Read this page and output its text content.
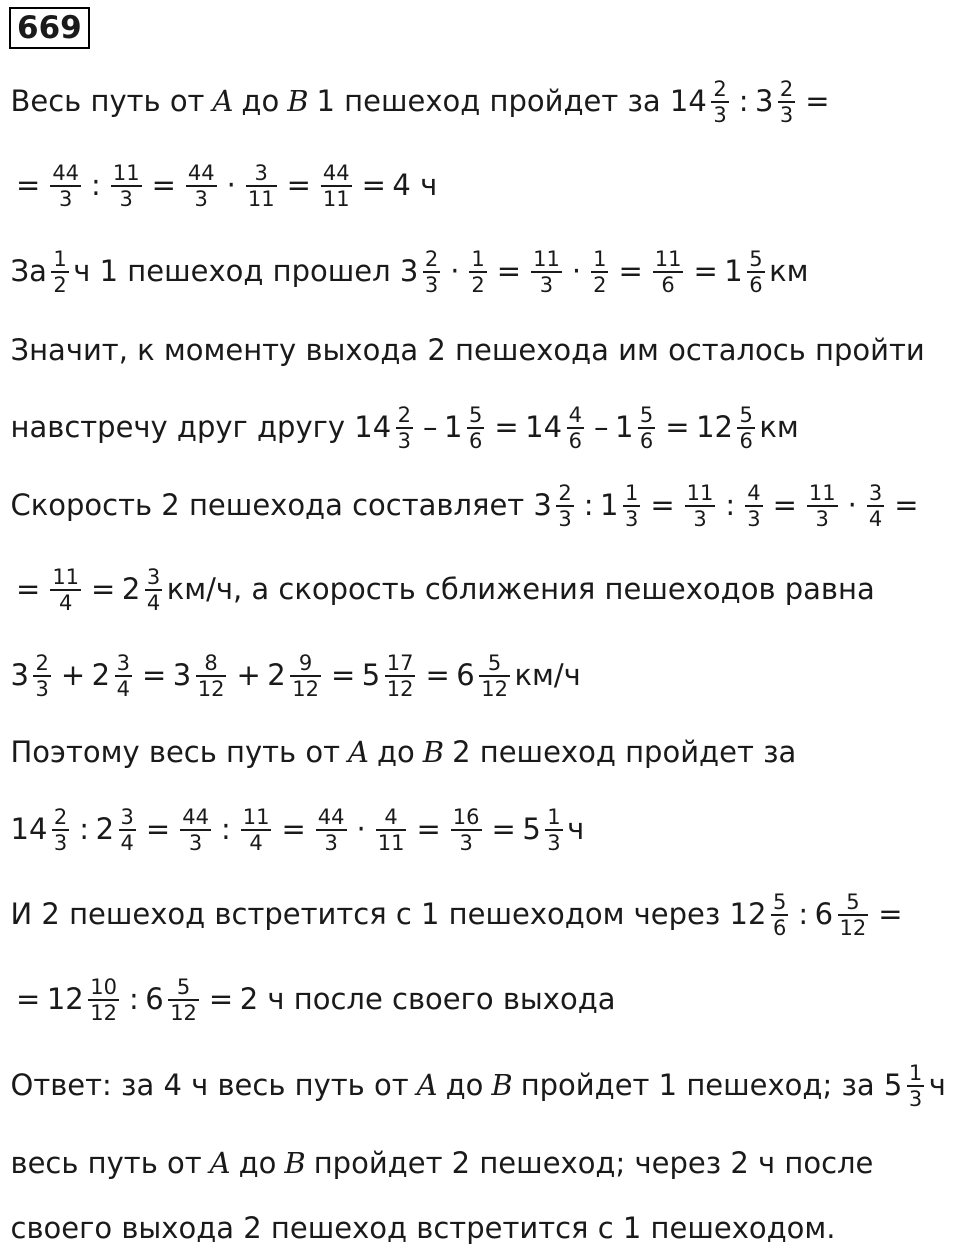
669
Весь путь от A до B 1 пешеход пройдет за $14 \frac{2}{3}$ : $3 \frac{2}{3}$ =
= $\frac{44}{3}$ : $\frac{11}{3} = \frac{44}{3} \cdot \frac{3}{11} = \frac{44}{11} = 4$ ч
За $\frac{1}{2}$ ч 1 пешеход прошел $3 \frac{2}{3} \cdot \frac{1}{2} = \frac{11}{3} \cdot \frac{1}{2} = \frac{11}{6} = 1 \frac{5}{6}$ км
Значит, к моменту выхода 2 пешехода им осталось пройти
навстречу друг другу $14 \frac{2}{3} - 1 \frac{5}{6} = 14 \frac{4}{6} - 1 \frac{5}{6} = 12 \frac{5}{6}$ км
Скорость 2 пешехода составляет $3 \frac{2}{3}$ : $1 \frac{1}{3} = \frac{11}{3}$ : $\frac{4}{3} = \frac{11}{3} \cdot \frac{3}{4}$ =
= $\frac{11}{4} = 2 \frac{3}{4} км/ч$, а скорость сближения пешеходов равна
$3 \frac{2}{3} + 2 \frac{3}{4} = 3 \frac{8}{12} + 2 \frac{9}{12} = 5 \frac{17}{12} = 6 \frac{5}{12} км/ч$
Поэтому весь путь от A до B 2 пешеход пройдет за
$14 \frac{2}{3}$ : $2 \frac{3}{4} = \frac{44}{3}$ : $\frac{11}{4} = \frac{44}{3} \cdot \frac{4}{11} = \frac{16}{3} = 5 \frac{1}{3}$ ч
И 2 пешеход встретится с 1 пешеходом через $12 \frac{5}{6}$ : $6 \frac{5}{12}$ =
= $12 \frac{10}{12}$ : $6 \frac{5}{12} = 2$ ч после своего выхода
Ответ: за 4 ч весь путь от A до B пройдет 1 пешеход; за $5 \frac{1}{3}$ ч
весь путь от A до B пройдет 2 пешеход; через 2 ч после
своего выхода 2 пешеход встретится с 1 пешеходом.
